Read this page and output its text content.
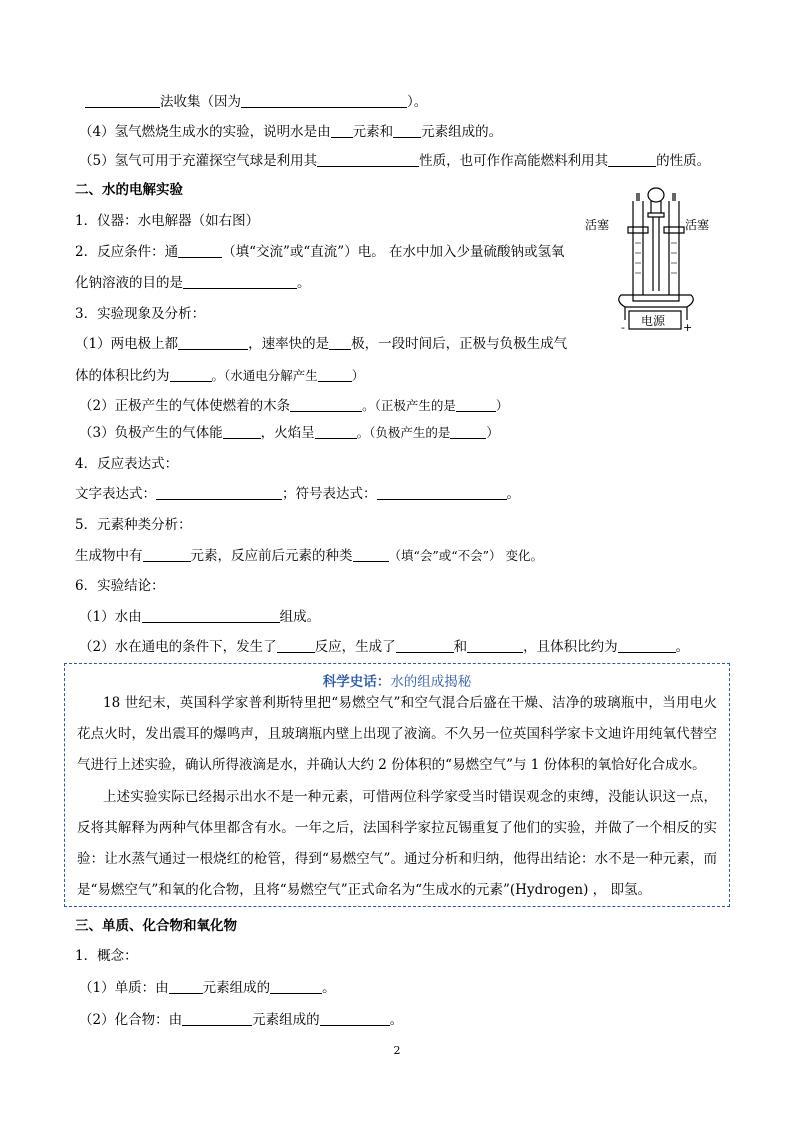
法收集（因为	）。
（4）氢气燃烧生成水的实验，说明水是由 元素和 元素组成的。
（5）氢气可用于充灌探空气球是利用其	性质，也可作作高能燃料利用其	的性质。
二、水的电解实验
1．仪器：水电解器（如右图）
2．反应条件：通	（填“交流”或“直流”）电。 在水中加入少量硫酸钠或氢氧
化钠溶液的目的是	。
3．实验现象及分析：
（1）两电极上都	，速率快的是 极，一段时间后，正极与负极生成气
体的体积比约为	。（水通电分解产生	）
（2）正极产生的气体使燃着的木条	。（正极产生的是	）
（3）负极产生的气体能	，火焰呈	。（负极产生的是	）
4．反应表达式：
文字表达式：	；符号表达式：	。
5．元素种类分析：
生成物中有	元素，反应前后元素的种类	（填“会”或“不会”） 变化。
6．实验结论：
（1）水由	组成。
（2）水在通电的条件下，发生了	反应，生成了	和	，且体积比约为	。
活塞	活塞
电源
-	+
科学史话：水的组成揭秘
18 世纪末，英国科学家普利斯特里把“易燃空气”和空气混合后盛在干燥、洁净的玻璃瓶中，当用电火花点火时，发出震耳的爆鸣声，且玻璃瓶内壁上出现了液滴。不久另一位英国科学家卡文迪许用纯氧代替空气进行上述实验，确认所得液滴是水，并确认大约 2 份体积的“易燃空气”与 1 份体积的氧恰好化合成水。
上述实验实际已经揭示出水不是一种元素，可惜两位科学家受当时错误观念的束缚，没能认识这一点，反将其解释为两种气体里都含有水。一年之后，法国科学家拉瓦锡重复了他们的实验，并做了一个相反的实验：让水蒸气通过一根烧红的枪管，得到“易燃空气”。通过分析和归纳，他得出结论：水不是一种元素，而是“易燃空气”和氧的化合物，且将“易燃空气”正式命名为“生成水的元素”(Hydrogen) ， 即氢。
三、单质、化合物和氧化物
1．概念：
（1）单质：由	元素组成的	。
（2）化合物：由	元素组成的	。
2
